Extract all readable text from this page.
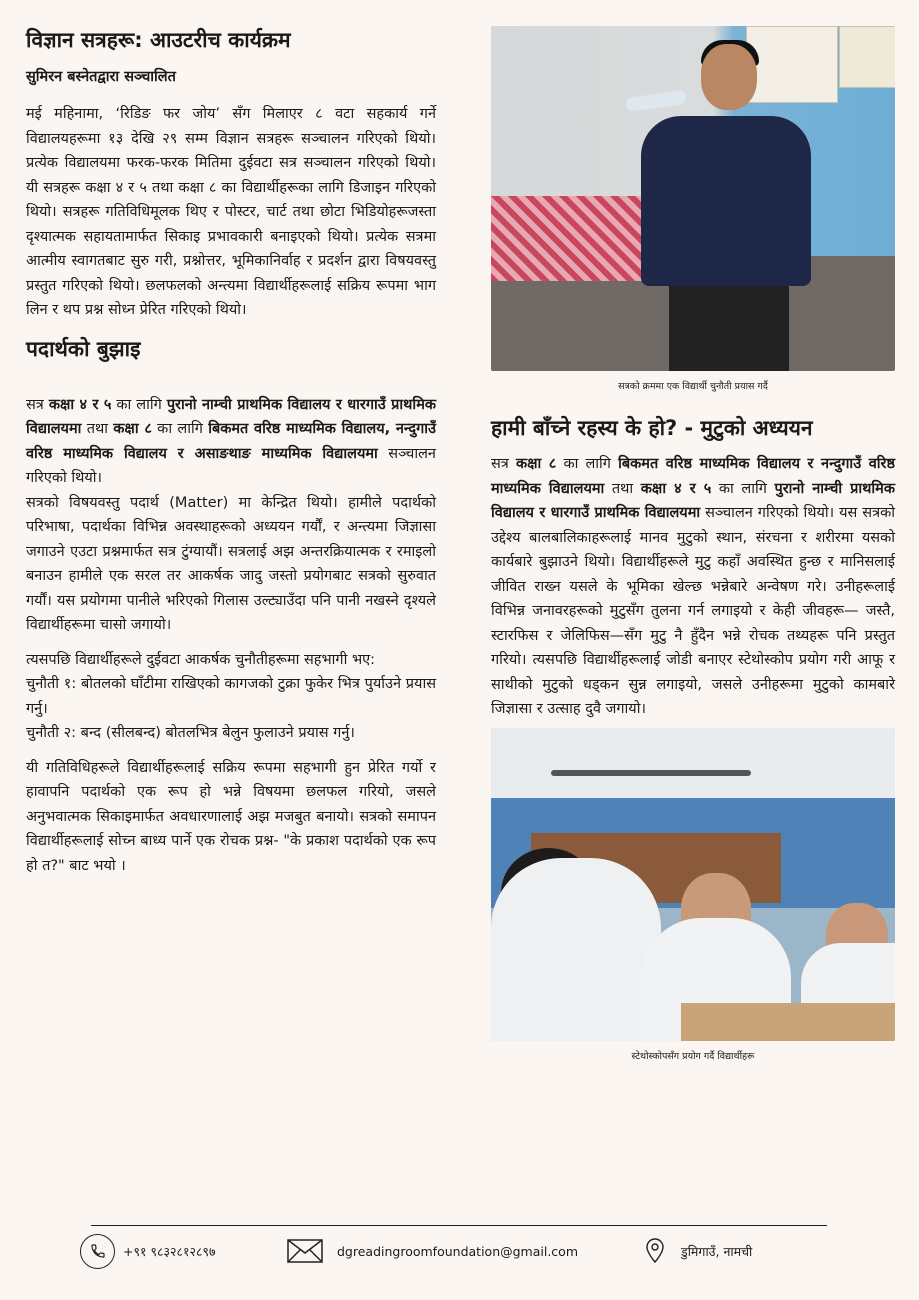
विज्ञान सत्रहरू: आउटरीच कार्यक्रम
सुमिरन बस्नेतद्वारा सञ्चालित

मई महिनामा, ‘रिडिङ फर जोय’ सँग मिलाएर ८ वटा सहकार्य गर्ने विद्यालयहरूमा १३ देखि २९ सम्म विज्ञान सत्रहरू सञ्चालन गरिएको थियो। प्रत्येक विद्यालयमा फरक-फरक मितिमा दुईवटा सत्र सञ्चालन गरिएको थियो। यी सत्रहरू कक्षा ४ र ५ तथा कक्षा ८ का विद्यार्थीहरूका लागि डिजाइन गरिएको थियो। सत्रहरू गतिविधिमूलक थिए र पोस्टर, चार्ट तथा छोटा भिडियोहरूजस्ता दृश्यात्मक सहायतामार्फत सिकाइ प्रभावकारी बनाइएको थियो। प्रत्येक सत्रमा आत्मीय स्वागतबाट सुरु गरी, प्रश्नोत्तर, भूमिकानिर्वाह र प्रदर्शन द्वारा विषयवस्तु प्रस्तुत गरिएको थियो। छलफलको अन्त्यमा विद्यार्थीहरूलाई सक्रिय रूपमा भाग लिन र थप प्रश्न सोध्न प्रेरित गरिएको थियो।

पदार्थको बुझाइ

सत्र कक्षा ४ र ५ का लागि पुरानो नाम्ची प्राथमिक विद्यालय र धारगाउँ प्राथमिक विद्यालयमा तथा कक्षा ८ का लागि बिकमत वरिष्ठ माध्यमिक विद्यालय, नन्दुगाउँ वरिष्ठ माध्यमिक विद्यालय र असाङथाङ माध्यमिक विद्यालयमा सञ्चालन गरिएको थियो।

सत्रको विषयवस्तु पदार्थ (Matter) मा केन्द्रित थियो। हामीले पदार्थको परिभाषा, पदार्थका विभिन्न अवस्थाहरूको अध्ययन गर्यौं, र अन्त्यमा जिज्ञासा जगाउने एउटा प्रश्नमार्फत सत्र टुंग्यायौं। सत्रलाई अझ अन्तरक्रियात्मक र रमाइलो बनाउन हामीले एक सरल तर आकर्षक जादु जस्तो प्रयोगबाट सत्रको सुरुवात गर्यौं। यस प्रयोगमा पानीले भरिएको गिलास उल्ट्याउँदा पनि पानी नखस्ने दृश्यले विद्यार्थीहरूमा चासो जगायो।

त्यसपछि विद्यार्थीहरूले दुईवटा आकर्षक चुनौतीहरूमा सहभागी भए:

चुनौती १: बोतलको घाँटीमा राखिएको कागजको टुक्रा फुकेर भित्र पुर्याउने प्रयास गर्नु।

चुनौती २: बन्द (सीलबन्द) बोतलभित्र बेलुन फुलाउने प्रयास गर्नु।

यी गतिविधिहरूले विद्यार्थीहरूलाई सक्रिय रूपमा सहभागी हुन प्रेरित गर्यो र हावापनि पदार्थको एक रूप हो भन्ने विषयमा छलफल गरियो, जसले अनुभवात्मक सिकाइमार्फत अवधारणालाई अझ मजबुत बनायो। सत्रको समापन विद्यार्थीहरूलाई सोच्न बाध्य पार्ने एक रोचक प्रश्न- "के प्रकाश पदार्थको एक रूप हो त?" बाट भयो ।

सत्रको क्रममा एक विद्यार्थी चुनौती प्रयास गर्दै
हामी बाँच्ने रहस्य के हो? - मुटुको अध्ययन

सत्र कक्षा ८ का लागि बिकमत वरिष्ठ माध्यमिक विद्यालय र नन्दुगाउँ वरिष्ठ माध्यमिक विद्यालयमा तथा कक्षा ४ र ५ का लागि पुरानो नाम्ची प्राथमिक विद्यालय र धारगाउँ प्राथमिक विद्यालयमा सञ्चालन गरिएको थियो। यस सत्रको उद्देश्य बालबालिकाहरूलाई मानव मुटुको स्थान, संरचना र शरीरमा यसको कार्यबारे बुझाउने थियो। विद्यार्थीहरूले मुटु कहाँ अवस्थित हुन्छ र मानिसलाई जीवित राख्न यसले के भूमिका खेल्छ भन्नेबारे अन्वेषण गरे। उनीहरूलाई विभिन्न जनावरहरूको मुटुसँग तुलना गर्न लगाइयो र केही जीवहरू— जस्तै, स्टारफिस र जेलिफिस—सँग मुटु नै हुँदैन भन्ने रोचक तथ्यहरू पनि प्रस्तुत गरियो। त्यसपछि विद्यार्थीहरूलाई जोडी बनाएर स्टेथोस्कोप प्रयोग गरी आफू र साथीको मुटुको धड्कन सुन्न लगाइयो, जसले उनीहरूमा मुटुको कामबारे जिज्ञासा र उत्साह दुवै जगायो।

स्टेथोस्कोपसँग प्रयोग गर्दै विद्यार्थीहरू
+९१ ९८३२८१२८९७	dgreadingroomfoundation@gmail.com	डुमिगाउँ, नामची
